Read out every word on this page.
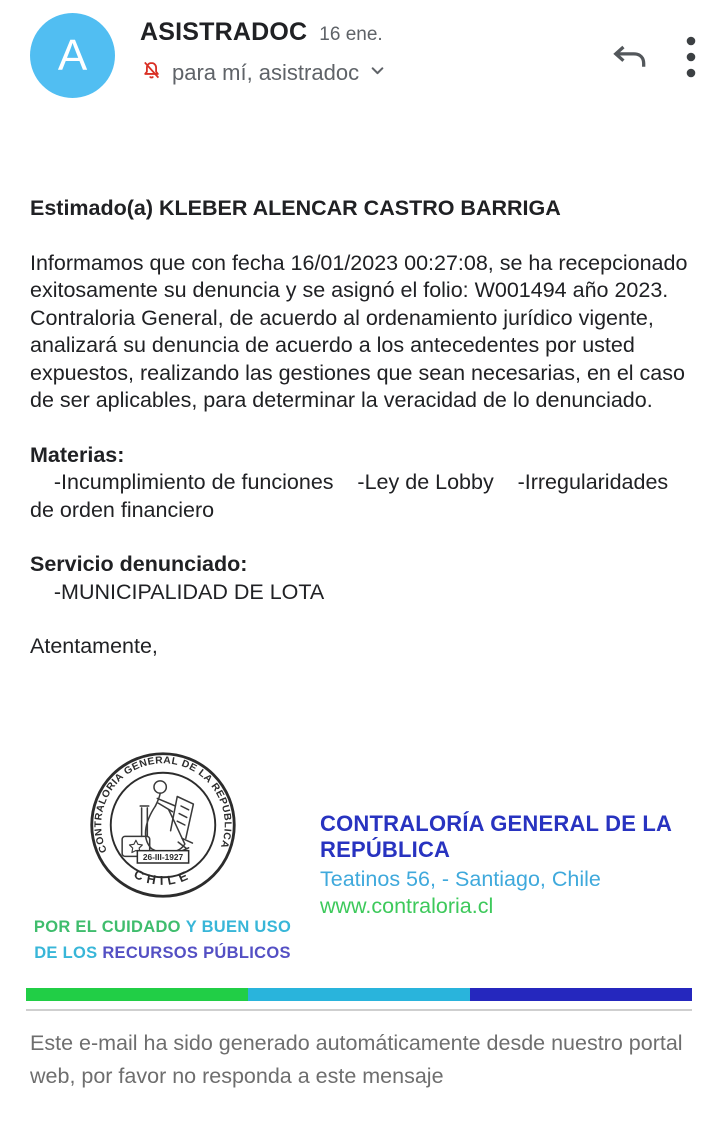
A	ASISTRADOC 16 ene.
para mí, asistradoc

Estimado(a) KLEBER ALENCAR CASTRO BARRIGA

Informamos que con fecha 16/01/2023 00:27:08, se ha recepcionado exitosamente su denuncia y se asignó el folio: W001494 año 2023.
Contraloria General, de acuerdo al ordenamiento jurídico vigente, analizará su denuncia de acuerdo a los antecedentes por usted expuestos, realizando las gestiones que sean necesarias, en el caso de ser aplicables, para determinar la veracidad de lo denunciado.

Materias:
-Incumplimiento de funciones    -Ley de Lobby    -Irregularidades
de orden financiero

Servicio denunciado:
-MUNICIPALIDAD DE LOTA

Atentamente,

CONTRALORIA GENERAL DE LA REPUBLICA
CHILE
26-III-1927
POR EL CUIDADO Y BUEN USO
DE LOS RECURSOS PÚBLICOS
CONTRALORÍA GENERAL DE LA REPÚBLICA
Teatinos 56, - Santiago, Chile
www.contraloria.cl

Este e-mail ha sido generado automáticamente desde nuestro portal web, por favor no responda a este mensaje
